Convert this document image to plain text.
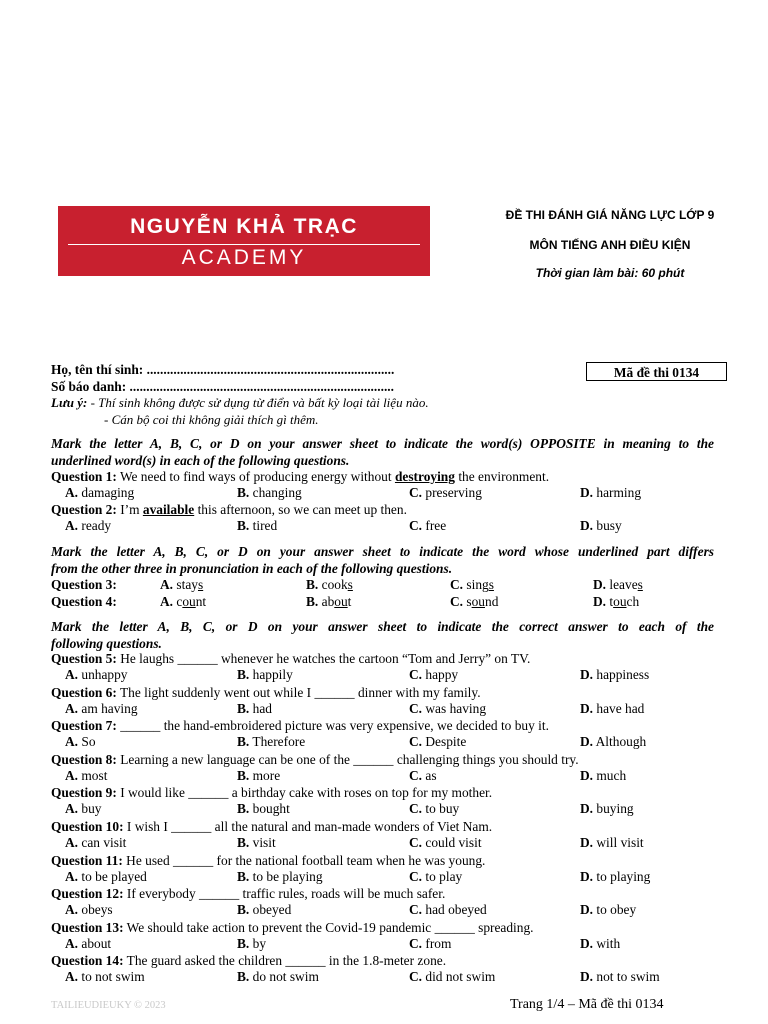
NGUYỄN KHẢ TRẠC
ACADEMY
ĐỀ THI ĐÁNH GIÁ NĂNG LỰC LỚP 9
MÔN TIẾNG ANH ĐIỀU KIỆN
Thời gian làm bài: 60 phút
Mã đề thi 0134
Họ, tên thí sinh: ..........................................................................
Số báo danh: ...............................................................................
Lưu ý: - Thí sinh không được sử dụng từ điển và bất kỳ loại tài liệu nào.
- Cán bộ coi thi không giải thích gì thêm.
Mark the letter A, B, C, or D on your answer sheet to indicate the word(s) OPPOSITE in meaning to the
underlined word(s) in each of the following questions.
Question 1: We need to find ways of producing energy without destroying the environment.
A. damaging	B. changing	C. preserving	D. harming
Question 2: I’m available this afternoon, so we can meet up then.
A. ready	B. tired	C. free	D. busy
Mark the letter A, B, C, or D on your answer sheet to indicate the word whose underlined part differs
from the other three in pronunciation in each of the following questions.
Question 3:	A. stays	B. cooks	C. sings	D. leaves
Question 4:	A. count	B. about	C. sound	D. touch
Mark the letter A, B, C, or D on your answer sheet to indicate the correct answer to each of the
following questions.
Question 5: He laughs ______ whenever he watches the cartoon “Tom and Jerry” on TV.
A. unhappy	B. happily	C. happy	D. happiness
Question 6: The light suddenly went out while I ______ dinner with my family.
A. am having	B. had	C. was having	D. have had
Question 7: ______ the hand-embroidered picture was very expensive, we decided to buy it.
A. So	B. Therefore	C. Despite	D. Although
Question 8: Learning a new language can be one of the ______ challenging things you should try.
A. most	B. more	C. as	D. much
Question 9: I would like ______ a birthday cake with roses on top for my mother.
A. buy	B. bought	C. to buy	D. buying
Question 10: I wish I ______ all the natural and man-made wonders of Viet Nam.
A. can visit	B. visit	C. could visit	D. will visit
Question 11: He used ______ for the national football team when he was young.
A. to be played	B. to be playing	C. to play	D. to playing
Question 12: If everybody ______ traffic rules, roads will be much safer.
A. obeys	B. obeyed	C. had obeyed	D. to obey
Question 13: We should take action to prevent the Covid-19 pandemic ______ spreading.
A. about	B. by	C. from	D. with
Question 14: The guard asked the children ______ in the 1.8-meter zone.
A. to not swim	B. do not swim	C. did not swim	D. not to swim
TAILIEUDIEUKY © 2023	Trang 1/4 – Mã đề thi 0134
